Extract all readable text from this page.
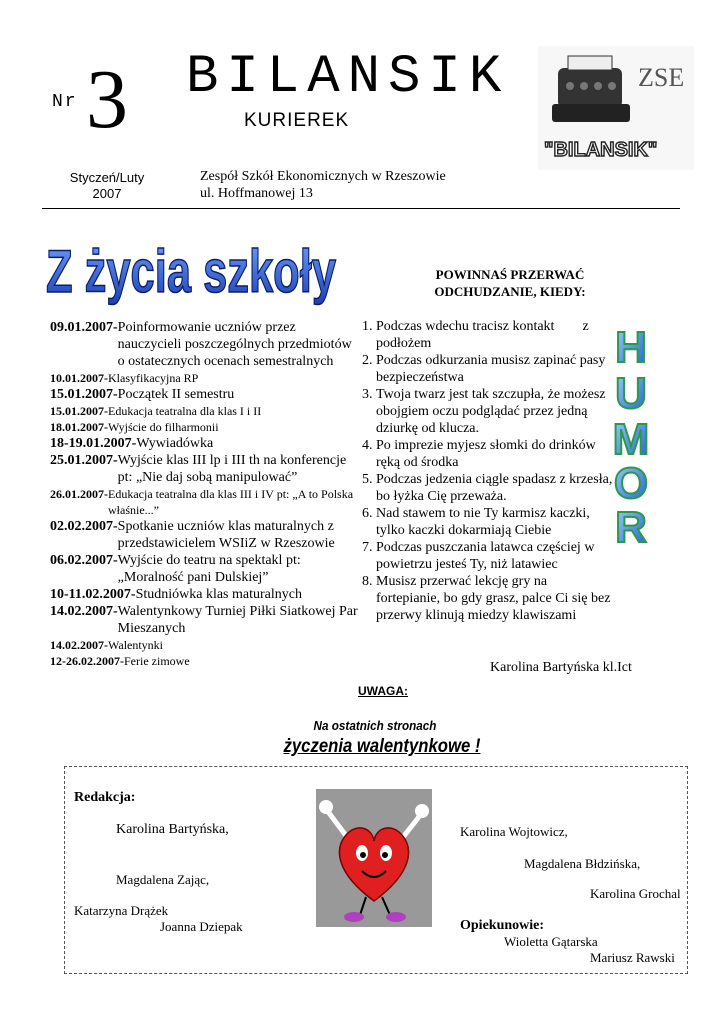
Nr 3 BILANSIK
KURIEREK
ZSE
"BILANSIK"
Styczeń/Luty
2007
Zespół Szkół Ekonomicznych w Rzeszowie
ul. Hoffmanowej 13
Z życia szkoły
09.01.2007- Poinformowanie uczniów przez nauczycieli poszczególnych przedmiotów o ostatecznych ocenach semestralnych
10.01.2007- Klasyfikacyjna RP
15.01.2007- Początek II semestru
15.01.2007- Edukacja teatralna dla klas I i II
18.01.2007- Wyjście do filharmonii
18-19.01.2007- Wywiadówka
25.01.2007- Wyjście klas III lp i III th na konferencje pt: „Nie daj sobą manipulować”
26.01.2007- Edukacja teatralna dla klas III i IV pt: „A to Polska właśnie...”
02.02.2007- Spotkanie uczniów klas maturalnych z przedstawicielem WSIiZ w Rzeszowie
06.02.2007- Wyjście do teatru na spektakl pt: „Moralność pani Dulskiej”
10-11.02.2007- Studniówka klas maturalnych
14.02.2007- Walentynkowy Turniej Piłki Siatkowej Par Mieszanych
14.02.2007- Walentynki
12-26.02.2007- Ferie zimowe
POWINNAŚ PRZERWAĆ
ODCHUDZANIE, KIEDY:
1. Podczas wdechu tracisz kontakt        z podłożem
2. Podczas odkurzania musisz zapinać pasy bezpieczeństwa
3. Twoja twarz jest tak szczupła, że możesz obojgiem oczu podglądać przez jedną dziurkę od klucza.
4. Po imprezie myjesz słomki do drinków ręką od środka
5. Podczas jedzenia ciągle spadasz z krzesła, bo łyżka Cię przeważa.
6. Nad stawem to nie Ty karmisz kaczki, tylko kaczki dokarmiają Ciebie
7. Podczas puszczania latawca częściej w powietrzu jesteś Ty, niż latawiec
8. Musisz przerwać lekcję gry na fortepianie, bo gdy grasz, palce Ci się bez przerwy klinują miedzy klawiszami
H
U
M
O
R
Karolina Bartyńska kl.Ict
UWAGA:
Na ostatnich stronach
życzenia walentynkowe !
Redakcja:
Karolina Bartyńska,
Magdalena Zając,
Katarzyna Drążek
Joanna Dziepak
Karolina Wojtowicz,
Magdalena Błdzińska,
Karolina Grochal
Opiekunowie:
Wioletta Gątarska
Mariusz Rawski
